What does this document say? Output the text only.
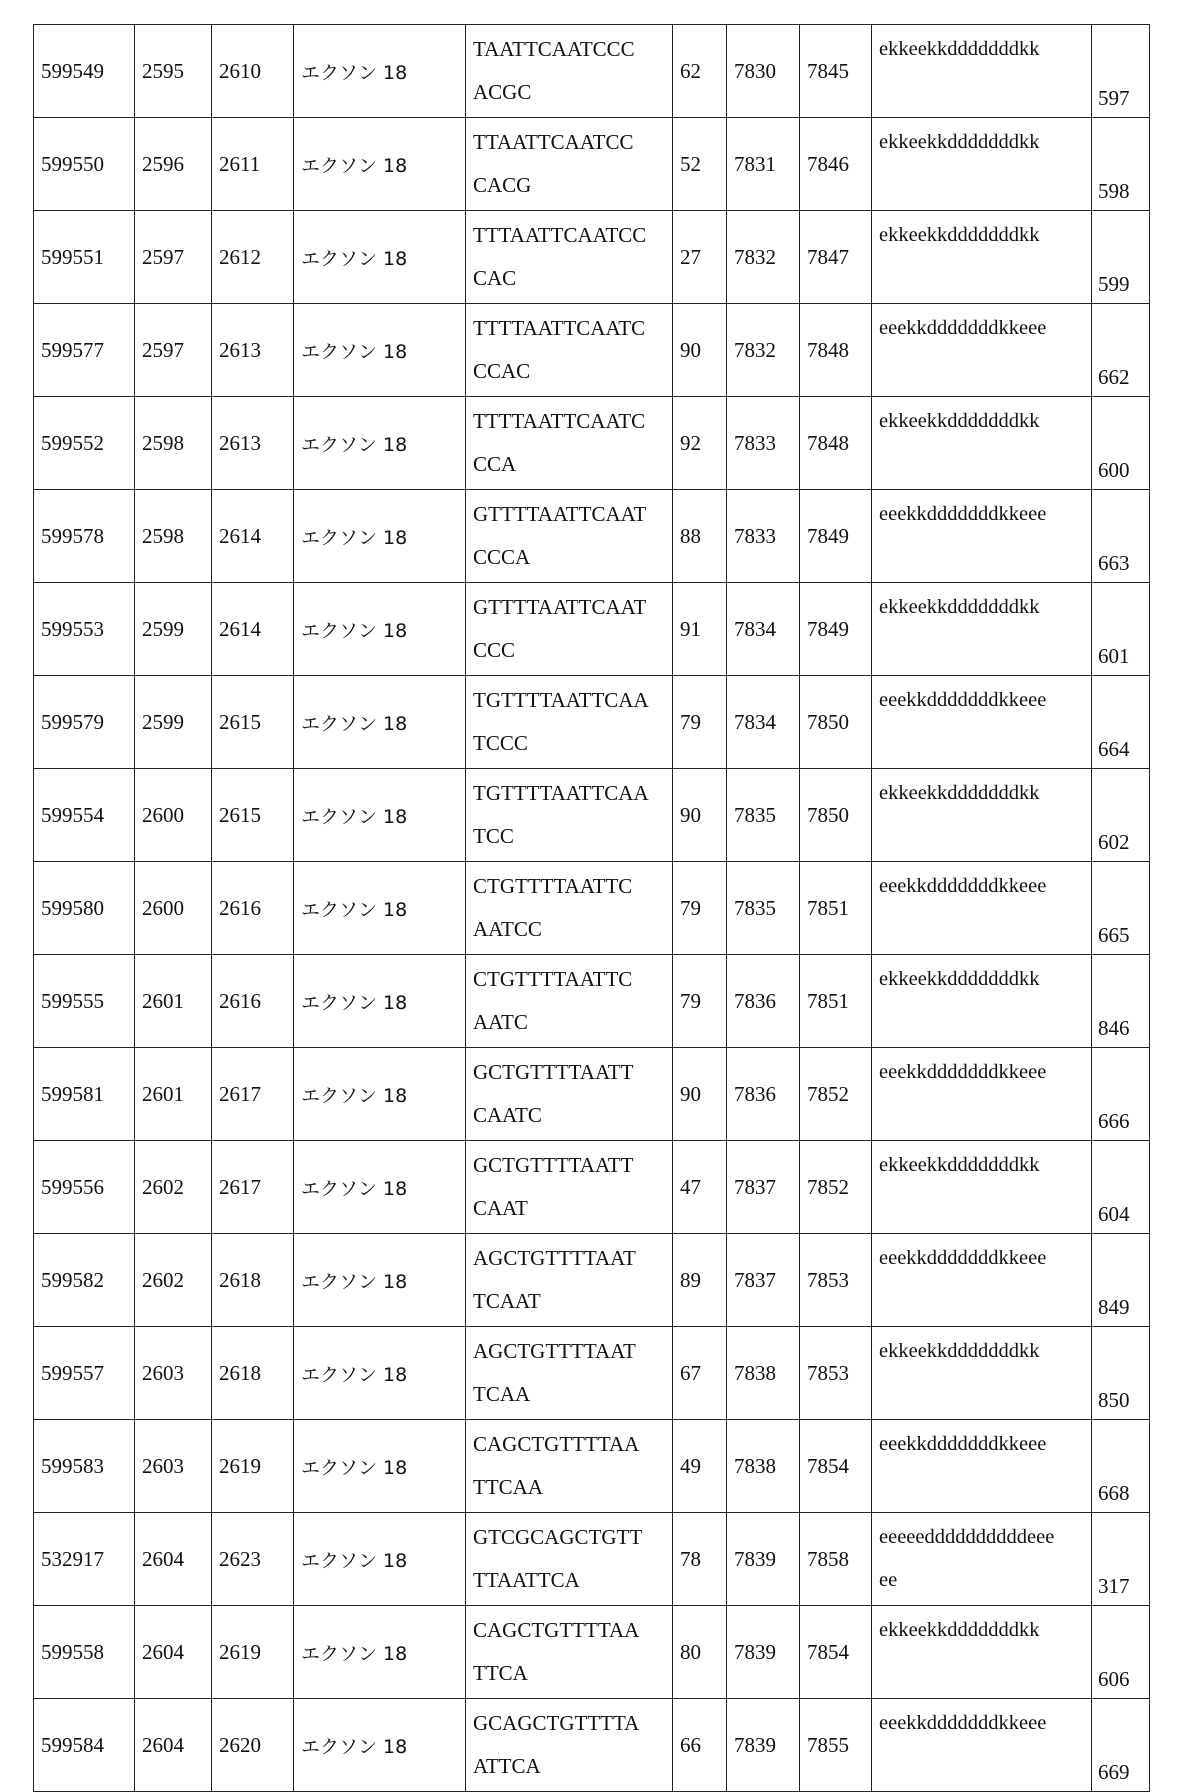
599549	2595	2610	エクソン 18	
TAATTCAATCCC
ACGC
	62	7830	7845	
ekkeekkdddddddkk
	597
599550	2596	2611	エクソン 18	
TTAATTCAATCC
CACG
	52	7831	7846	
ekkeekkdddddddkk
	598
599551	2597	2612	エクソン 18	
TTTAATTCAATCC
CAC
	27	7832	7847	
ekkeekkdddddddkk
	599
599577	2597	2613	エクソン 18	
TTTTAATTCAATC
CCAC
	90	7832	7848	
eeekkdddddddkkeee
	662
599552	2598	2613	エクソン 18	
TTTTAATTCAATC
CCA
	92	7833	7848	
ekkeekkdddddddkk
	600
599578	2598	2614	エクソン 18	
GTTTTAATTCAAT
CCCA
	88	7833	7849	
eeekkdddddddkkeee
	663
599553	2599	2614	エクソン 18	
GTTTTAATTCAAT
CCC
	91	7834	7849	
ekkeekkdddddddkk
	601
599579	2599	2615	エクソン 18	
TGTTTTAATTCAA
TCCC
	79	7834	7850	
eeekkdddddddkkeee
	664
599554	2600	2615	エクソン 18	
TGTTTTAATTCAA
TCC
	90	7835	7850	
ekkeekkdddddddkk
	602
599580	2600	2616	エクソン 18	
CTGTTTTAATTC
AATCC
	79	7835	7851	
eeekkdddddddkkeee
	665
599555	2601	2616	エクソン 18	
CTGTTTTAATTC
AATC
	79	7836	7851	
ekkeekkdddddddkk
	846
599581	2601	2617	エクソン 18	
GCTGTTTTAATT
CAATC
	90	7836	7852	
eeekkdddddddkkeee
	666
599556	2602	2617	エクソン 18	
GCTGTTTTAATT
CAAT
	47	7837	7852	
ekkeekkdddddddkk
	604
599582	2602	2618	エクソン 18	
AGCTGTTTTAAT
TCAAT
	89	7837	7853	
eeekkdddddddkkeee
	849
599557	2603	2618	エクソン 18	
AGCTGTTTTAAT
TCAA
	67	7838	7853	
ekkeekkdddddddkk
	850
599583	2603	2619	エクソン 18	
CAGCTGTTTTAA
TTCAA
	49	7838	7854	
eeekkdddddddkkeee
	668
532917	2604	2623	エクソン 18	
GTCGCAGCTGTT
TTAATTCA
	78	7839	7858	
eeeeeddddddddddeee
ee	317
599558	2604	2619	エクソン 18	
CAGCTGTTTTAA
TTCA
	80	7839	7854	
ekkeekkdddddddkk
	606
599584	2604	2620	エクソン 18	
GCAGCTGTTTTA
ATTCA
	66	7839	7855	
eeekkdddddddkkeee
	669
